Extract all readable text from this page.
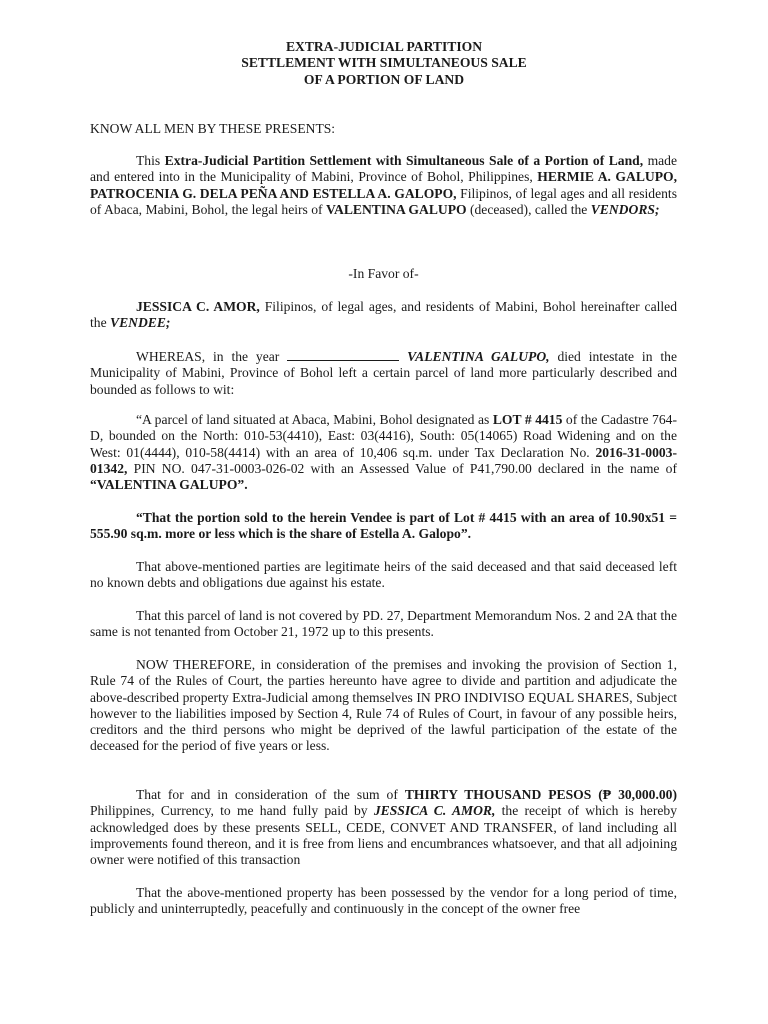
EXTRA-JUDICIAL PARTITION
SETTLEMENT WITH SIMULTANEOUS SALE
OF A PORTION OF LAND

KNOW ALL MEN BY THESE PRESENTS:

This Extra-Judicial Partition Settlement with Simultaneous Sale of a Portion of Land, made and entered into in the Municipality of Mabini, Province of Bohol, Philippines, HERMIE A. GALUPO, PATROCENIA G. DELA PEÑA AND ESTELLA A. GALOPO, Filipinos, of legal ages and all residents of Abaca, Mabini, Bohol, the legal heirs of VALENTINA GALUPO (deceased), called the VENDORS;

-In Favor of-

JESSICA C. AMOR, Filipinos, of legal ages, and residents of Mabini, Bohol hereinafter called the VENDEE;

WHEREAS, in the year	VALENTINA GALUPO, died intestate in the Municipality of Mabini, Province of Bohol left a certain parcel of land more particularly described and bounded as follows to wit:

“A parcel of land situated at Abaca, Mabini, Bohol designated as LOT # 4415 of the Cadastre 764-D, bounded on the North: 010-53(4410), East: 03(4416), South: 05(14065) Road Widening and on the West: 01(4444), 010-58(4414) with an area of 10,406 sq.m. under Tax Declaration No. 2016-31-0003-01342, PIN NO. 047-31-0003-026-02 with an Assessed Value of P41,790.00 declared in the name of “VALENTINA GALUPO”.

“That the portion sold to the herein Vendee is part of Lot # 4415 with an area of 10.90x51 = 555.90 sq.m. more or less which is the share of Estella A. Galopo”.

That above-mentioned parties are legitimate heirs of the said deceased and that said deceased left no known debts and obligations due against his estate.

That this parcel of land is not covered by PD. 27, Department Memorandum Nos. 2 and 2A that the same is not tenanted from October 21, 1972 up to this presents.

NOW THEREFORE, in consideration of the premises and invoking the provision of Section 1, Rule 74 of the Rules of Court, the parties hereunto have agree to divide and partition and adjudicate the above-described property Extra-Judicial among themselves IN PRO INDIVISO EQUAL SHARES, Subject however to the liabilities imposed by Section 4, Rule 74 of Rules of Court, in favour of any possible heirs, creditors and the third persons who might be deprived of the lawful participation of the estate of the deceased for the period of five years or less.

That for and in consideration of the sum of THIRTY THOUSAND PESOS (₱ 30,000.00) Philippines, Currency, to me hand fully paid by JESSICA C. AMOR, the receipt of which is hereby acknowledged does by these presents SELL, CEDE, CONVET AND TRANSFER, of land including all improvements found thereon, and it is free from liens and encumbrances whatsoever, and that all adjoining owner were notified of this transaction

That the above-mentioned property has been possessed by the vendor for a long period of time, publicly and uninterruptedly, peacefully and continuously in the concept of the owner free
